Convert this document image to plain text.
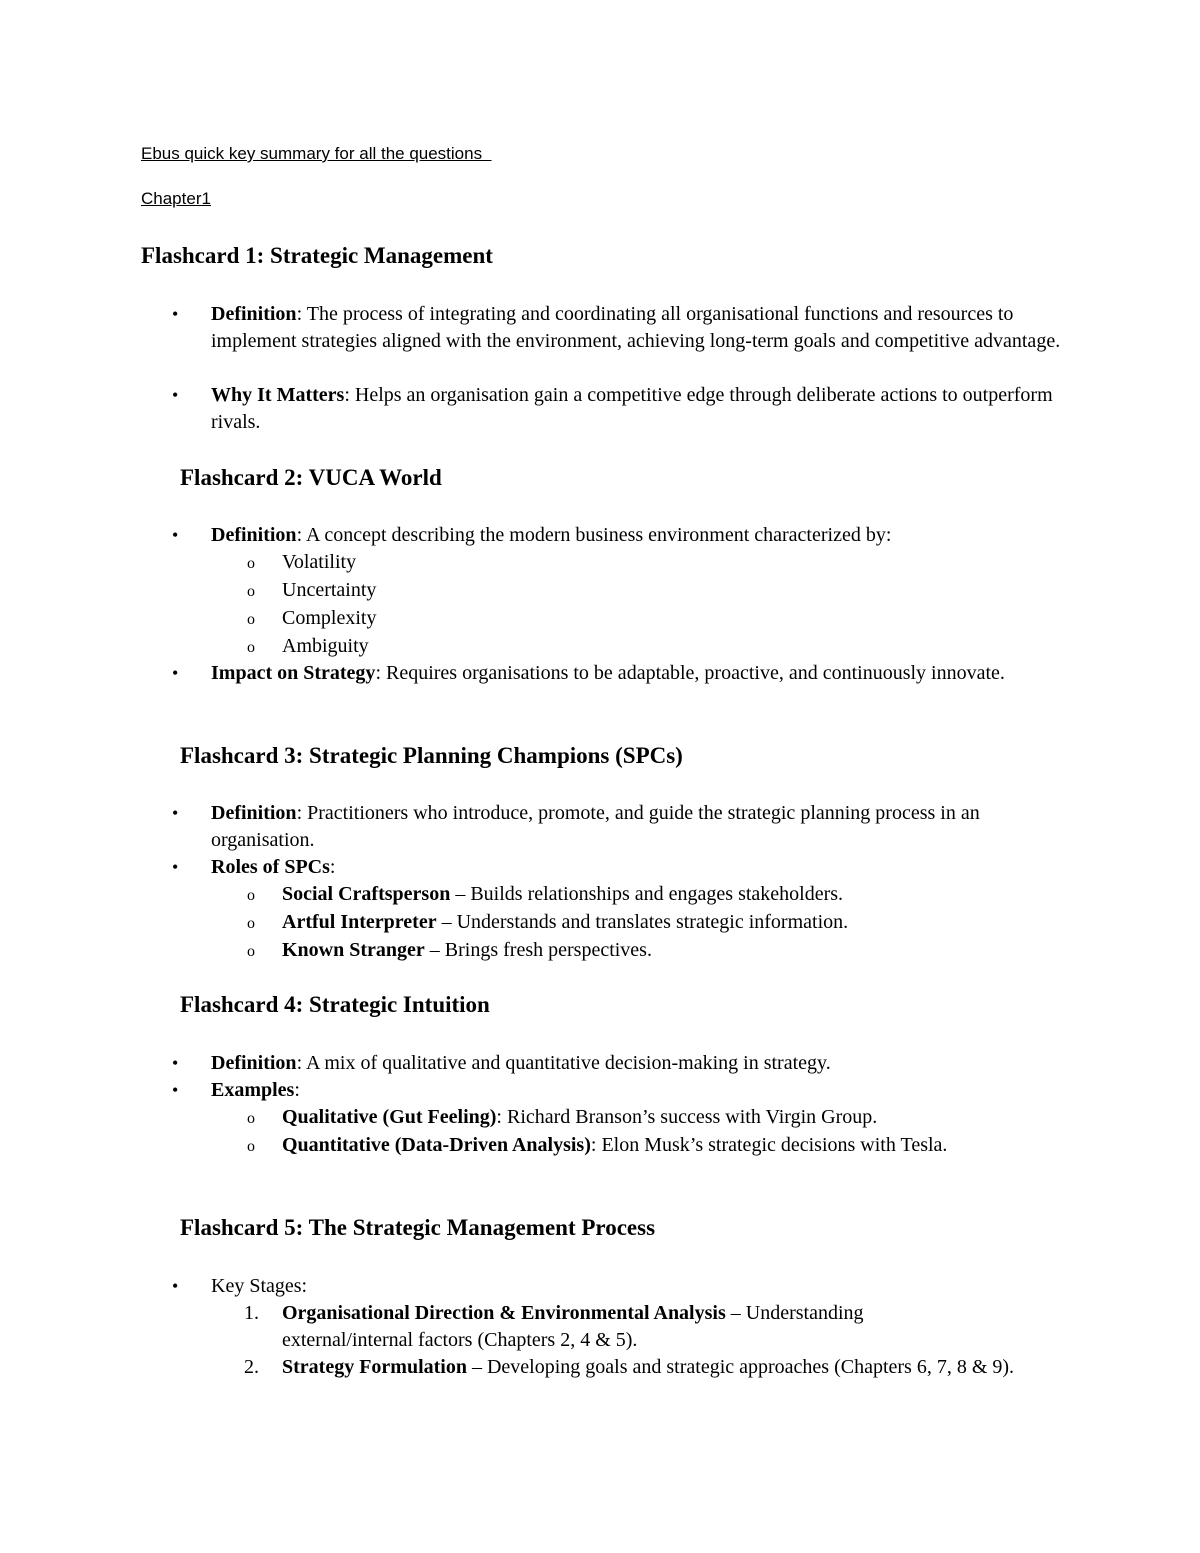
Ebus quick key summary for all the questions
Chapter1
Flashcard 1: Strategic Management
• Definition: The process of integrating and coordinating all organisational functions and resources to implement strategies aligned with the environment, achieving long-term goals and competitive advantage.
• Why It Matters: Helps an organisation gain a competitive edge through deliberate actions to outperform rivals.
Flashcard 2: VUCA World
• Definition: A concept describing the modern business environment characterized by:
o Volatility
o Uncertainty
o Complexity
o Ambiguity
• Impact on Strategy: Requires organisations to be adaptable, proactive, and continuously innovate.
Flashcard 3: Strategic Planning Champions (SPCs)
• Definition: Practitioners who introduce, promote, and guide the strategic planning process in an organisation.
• Roles of SPCs:
o Social Craftsperson – Builds relationships and engages stakeholders.
o Artful Interpreter – Understands and translates strategic information.
o Known Stranger – Brings fresh perspectives.
Flashcard 4: Strategic Intuition
• Definition: A mix of qualitative and quantitative decision-making in strategy.
• Examples:
o Qualitative (Gut Feeling): Richard Branson’s success with Virgin Group.
o Quantitative (Data-Driven Analysis): Elon Musk’s strategic decisions with Tesla.
Flashcard 5: The Strategic Management Process
• Key Stages:
1. Organisational Direction & Environmental Analysis – Understanding external/internal factors (Chapters 2, 4 & 5).
2. Strategy Formulation – Developing goals and strategic approaches (Chapters 6, 7, 8 & 9).
